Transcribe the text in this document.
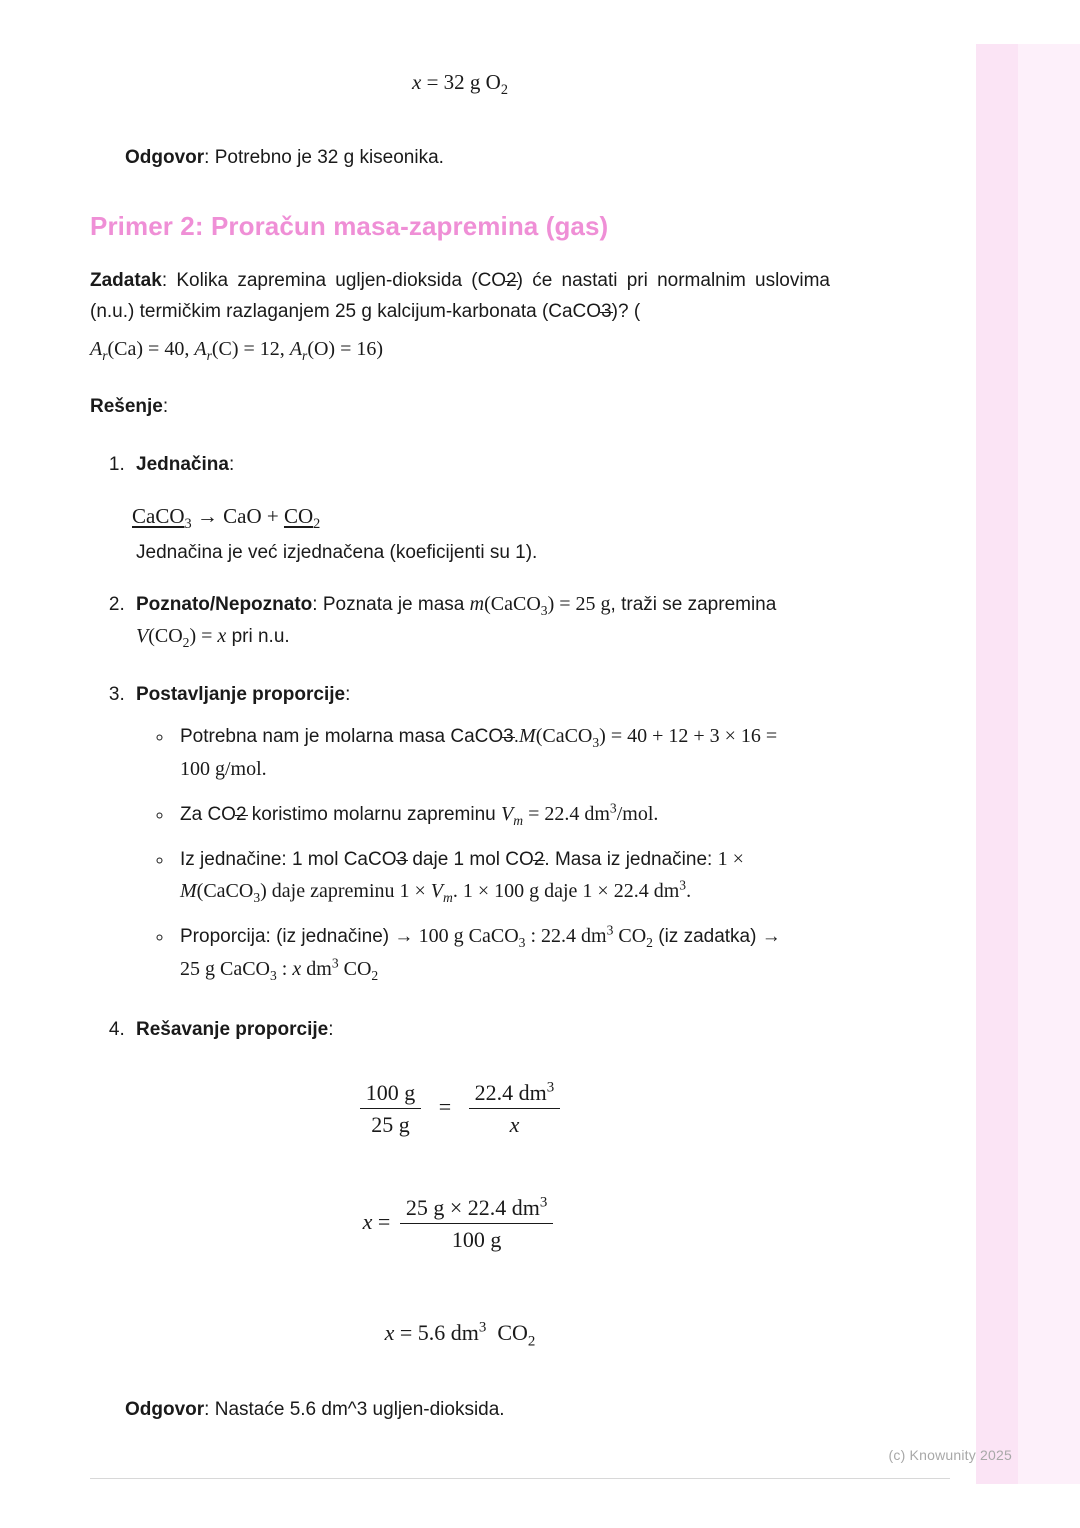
x = 32 g $O_2$
Odgovor: Potrebno je 32 g kiseonika.
Primer 2: Proračun masa-zapremina (gas)

Zadatak: Kolika zapremina ugljen-dioksida (CO2) će nastati pri normalnim uslovima (n.u.) termičkim razlaganjem 25 g kalcijum-karbonata (CaCO3)? (

$A_r(Ca) = 40$, $A_r(C) = 12$, $A_r(O) = 16$)
Rešenje:
1. Jednačina:
CaCO$_3$ → CaO + $CO_2$
Jednačina je već izjednačena (koeficijenti su 1).
2. Poznato/Nepoznato: Poznata je masa m(CaCO$_3$) = 25 g, traži se zapremina
$V(CO_2) = x$ pri n.u.
3. Postavljanje proporcije:
◦ Potrebna nam je molarna masa CaCO3.M(CaCO$_3$) = 40 + 12 + 3 × 16 =
100 g/mol.
◦ Za CO2 koristimo molarnu zapreminu $V_m = 22.4$ $dm^3$/mol.
◦ Iz jednačine: 1 mol CaCO3 daje 1 mol CO2. Masa iz jednačine: 1 ×
M(CaCO$_3$) daje zapreminu $1 \times V_m$. 1 × 100 g daje 1 × 22.4 $dm^3$.
◦ Proporcija: (iz jednačine) → 100 g CaCO$_3$ : 22.4 $dm^3$ $CO_2$ (iz zadatka) →
25 g CaCO$_3$ : x $dm^3$ $CO_2$
4. Rešavanje proporcije:
$\frac{100 g}{25 g} = \frac{22.4 dm^3}{x}$
$x = \frac{25 g \times 22.4 dm^3}{100 g}$
x = 5.6 $dm^3$  $CO_2$
Odgovor: Nastaće 5.6 dm^3 ugljen-dioksida.
(c) Knowunity 2025
